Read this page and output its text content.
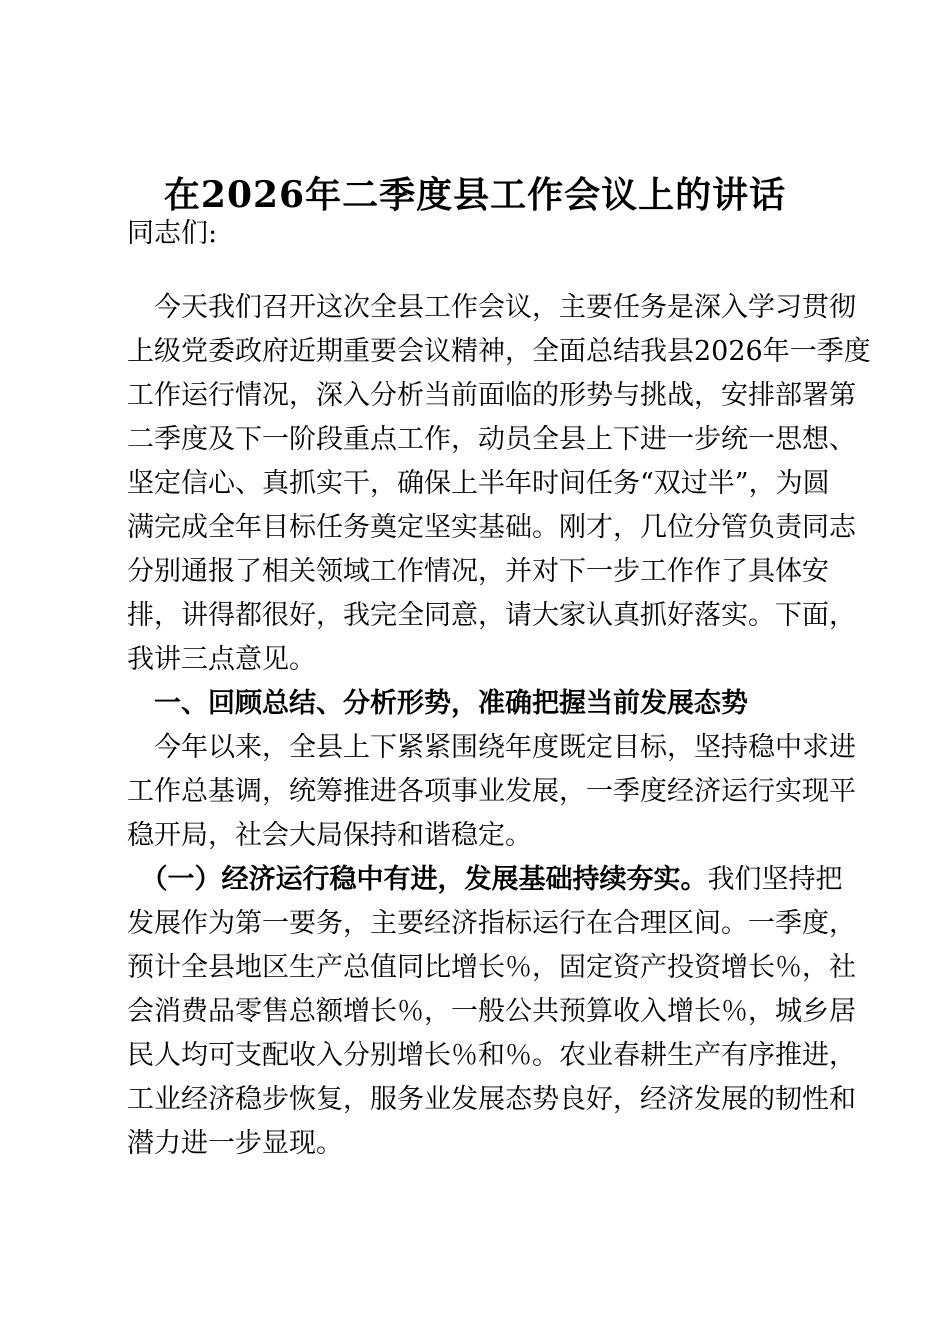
在2026年二季度县工作会议上的讲话
同志们:
　今天我们召开这次全县工作会议，主要任务是深入学习贯彻
上级党委政府近期重要会议精神，全面总结我县2026年一季度
工作运行情况，深入分析当前面临的形势与挑战，安排部署第
二季度及下一阶段重点工作，动员全县上下进一步统一思想、
坚定信心、真抓实干，确保上半年时间任务“双过半”，为圆
满完成全年目标任务奠定坚实基础。刚才，几位分管负责同志
分别通报了相关领域工作情况，并对下一步工作作了具体安
排，讲得都很好，我完全同意，请大家认真抓好落实。下面，
我讲三点意见。
　一、回顾总结、分析形势，准确把握当前发展态势
　今年以来，全县上下紧紧围绕年度既定目标，坚持稳中求进
工作总基调，统筹推进各项事业发展，一季度经济运行实现平
稳开局，社会大局保持和谐稳定。
　（一）经济运行稳中有进，发展基础持续夯实。我们坚持把
发展作为第一要务，主要经济指标运行在合理区间。一季度，
预计全县地区生产总值同比增长％，固定资产投资增长％，社
会消费品零售总额增长％，一般公共预算收入增长％，城乡居
民人均可支配收入分别增长％和％。农业春耕生产有序推进，
工业经济稳步恢复，服务业发展态势良好，经济发展的韧性和
潜力进一步显现。
